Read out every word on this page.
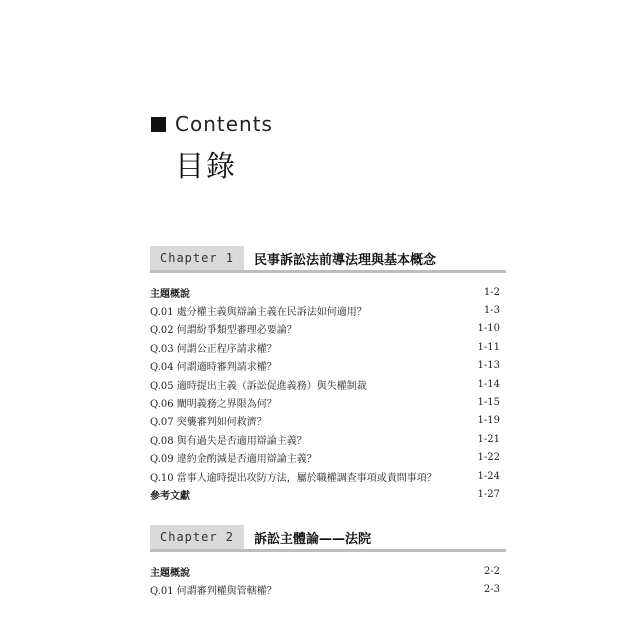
Contents
目錄
Chapter 1	民事訴訟法前導法理與基本概念
主題概說	1-2
Q.01 處分權主義與辯論主義在民訴法如何適用？	1-3
Q.02 何謂紛爭類型審理必要論？	1-10
Q.03 何謂公正程序請求權？	1-11
Q.04 何謂適時審判請求權？	1-13
Q.05 適時提出主義（訴訟促進義務）與失權制裁	1-14
Q.06 闡明義務之界限為何？	1-15
Q.07 突襲審判如何救濟？	1-19
Q.08 與有過失是否適用辯論主義？	1-21
Q.09 違約金酌減是否適用辯論主義？	1-22
Q.10 當事人逾時提出攻防方法，屬於職權調查事項或責問事項？	1-24
參考文獻	1-27
Chapter 2	訴訟主體論——法院
主題概說	2-2
Q.01 何謂審判權與管轄權？	2-3
